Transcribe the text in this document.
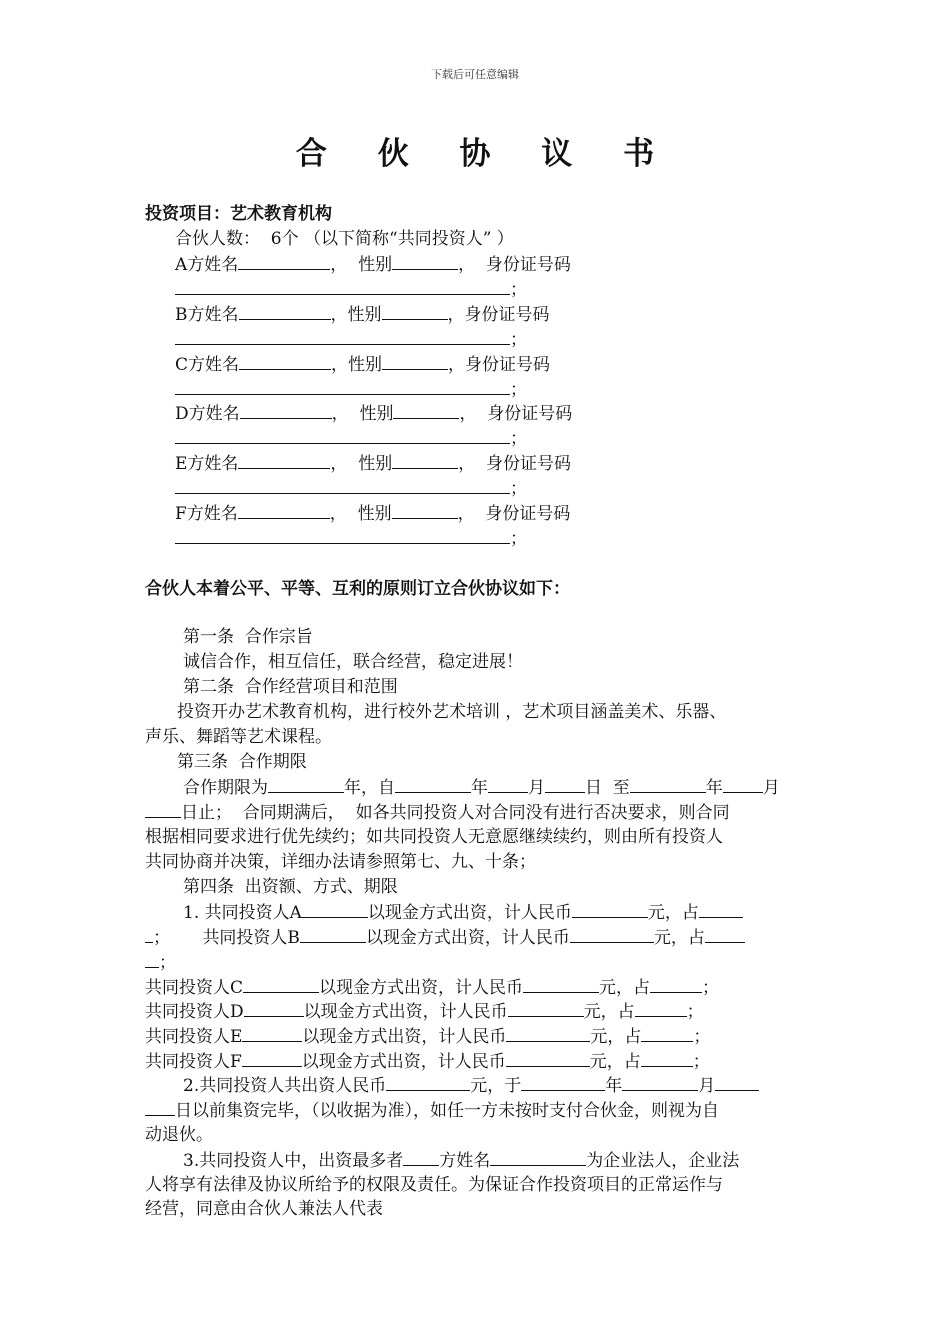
下载后可任意编辑
合 伙 协 议 书
投资项目：艺术教育机构
合伙人数：  6个 （以下简称“共同投资人” ）
A方姓名	，  性别	，  身份证号码
；
B方姓名	，性别	，身份证号码
；
C方姓名	，性别	，身份证号码
；
D方姓名	，  性别	，  身份证号码
；
E方姓名	，  性别	，  身份证号码
；
F方姓名	，  性别	，  身份证号码
；
合伙人本着公平、平等、互利的原则订立合伙协议如下：
第一条  合作宗旨
诚信合作，相互信任，联合经营，稳定进展！
第二条  合作经营项目和范围
投资开办艺术教育机构，进行校外艺术培训 ，艺术项目涵盖美术、乐器、
声乐、舞蹈等艺术课程。
第三条  合作期限
合作期限为	年，自	年 月 日  至	年 月
日止；  合同期满后，  如各共同投资人对合同没有进行否决要求，则合同
根据相同要求进行优先续约；如共同投资人无意愿继续续约，则由所有投资人
共同协商并决策，详细办法请参照第七、九、十条；
第四条  出资额、方式、期限
1. 共同投资人A	以现金方式出资，计人民币	元，占
； 共同投资人B	以现金方式出资，计人民币	元，占
；
共同投资人C	以现金方式出资，计人民币	元，占	；
共同投资人D	以现金方式出资，计人民币	元，占	；
共同投资人E	以现金方式出资，计人民币	元，占	；
共同投资人F	以现金方式出资，计人民币	元，占	；
2.共同投资人共出资人民币	元，于	年	月
日以前集资完毕，（以收据为准），如任一方未按时支付合伙金，则视为自
动退伙。
3.共同投资人中，出资最多者 方姓名	为企业法人，企业法
人将享有法律及协议所给予的权限及责任。为保证合作投资项目的正常运作与
经营，同意由合伙人兼法人代表
